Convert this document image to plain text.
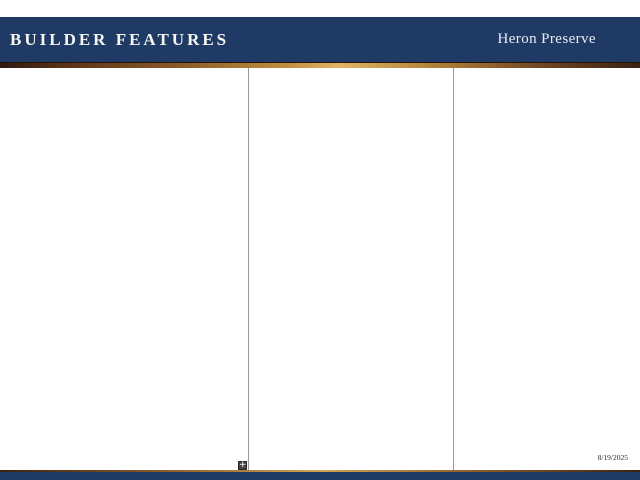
BUILDER FEATURES	Heron Preserve
+
8/19/2025
